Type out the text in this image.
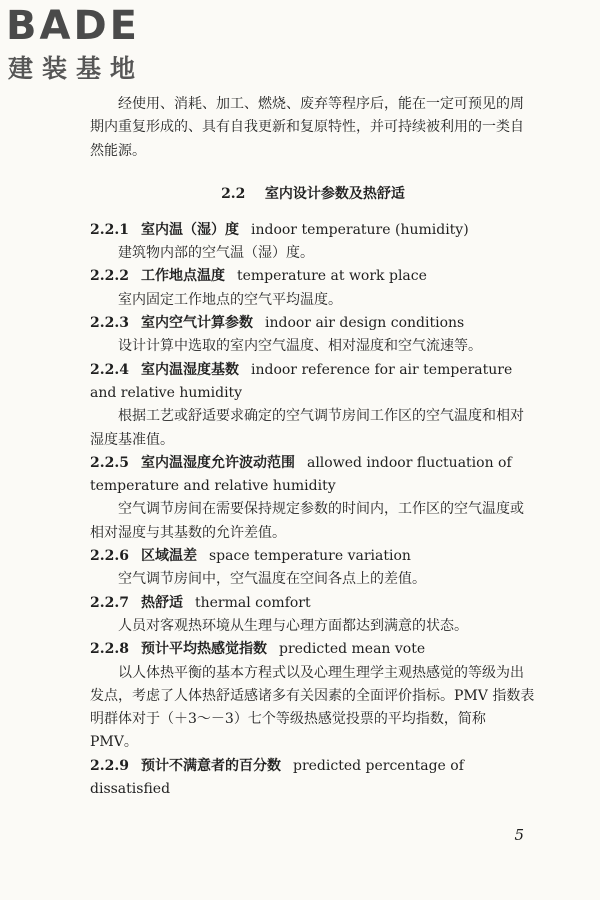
BADE
建装基地

经使用、消耗、加工、燃烧、废弃等程序后，能在一定可预见的周期内重复形成的、具有自我更新和复原特性，并可持续被利用的一类自然能源。

2.2 室内设计参数及热舒适

2.2.1 室内温（湿）度 indoor temperature (humidity)

建筑物内部的空气温（湿）度。

2.2.2 工作地点温度 temperature at work place

室内固定工作地点的空气平均温度。

2.2.3 室内空气计算参数 indoor air design conditions

设计计算中选取的室内空气温度、相对湿度和空气流速等。

2.2.4 室内温湿度基数 indoor reference for air temperature and relative humidity

根据工艺或舒适要求确定的空气调节房间工作区的空气温度和相对湿度基准值。

2.2.5 室内温湿度允许波动范围 allowed indoor fluctuation of temperature and relative humidity

空气调节房间在需要保持规定参数的时间内，工作区的空气温度或相对湿度与其基数的允许差值。

2.2.6 区域温差 space temperature variation

空气调节房间中，空气温度在空间各点上的差值。

2.2.7 热舒适 thermal comfort

人员对客观热环境从生理与心理方面都达到满意的状态。

2.2.8 预计平均热感觉指数 predicted mean vote

以人体热平衡的基本方程式以及心理生理学主观热感觉的等级为出发点，考虑了人体热舒适感诸多有关因素的全面评价指标。PMV 指数表明群体对于（＋3～－3）七个等级热感觉投票的平均指数，简称 PMV。

2.2.9 预计不满意者的百分数 predicted percentage of dissatisfied

5
